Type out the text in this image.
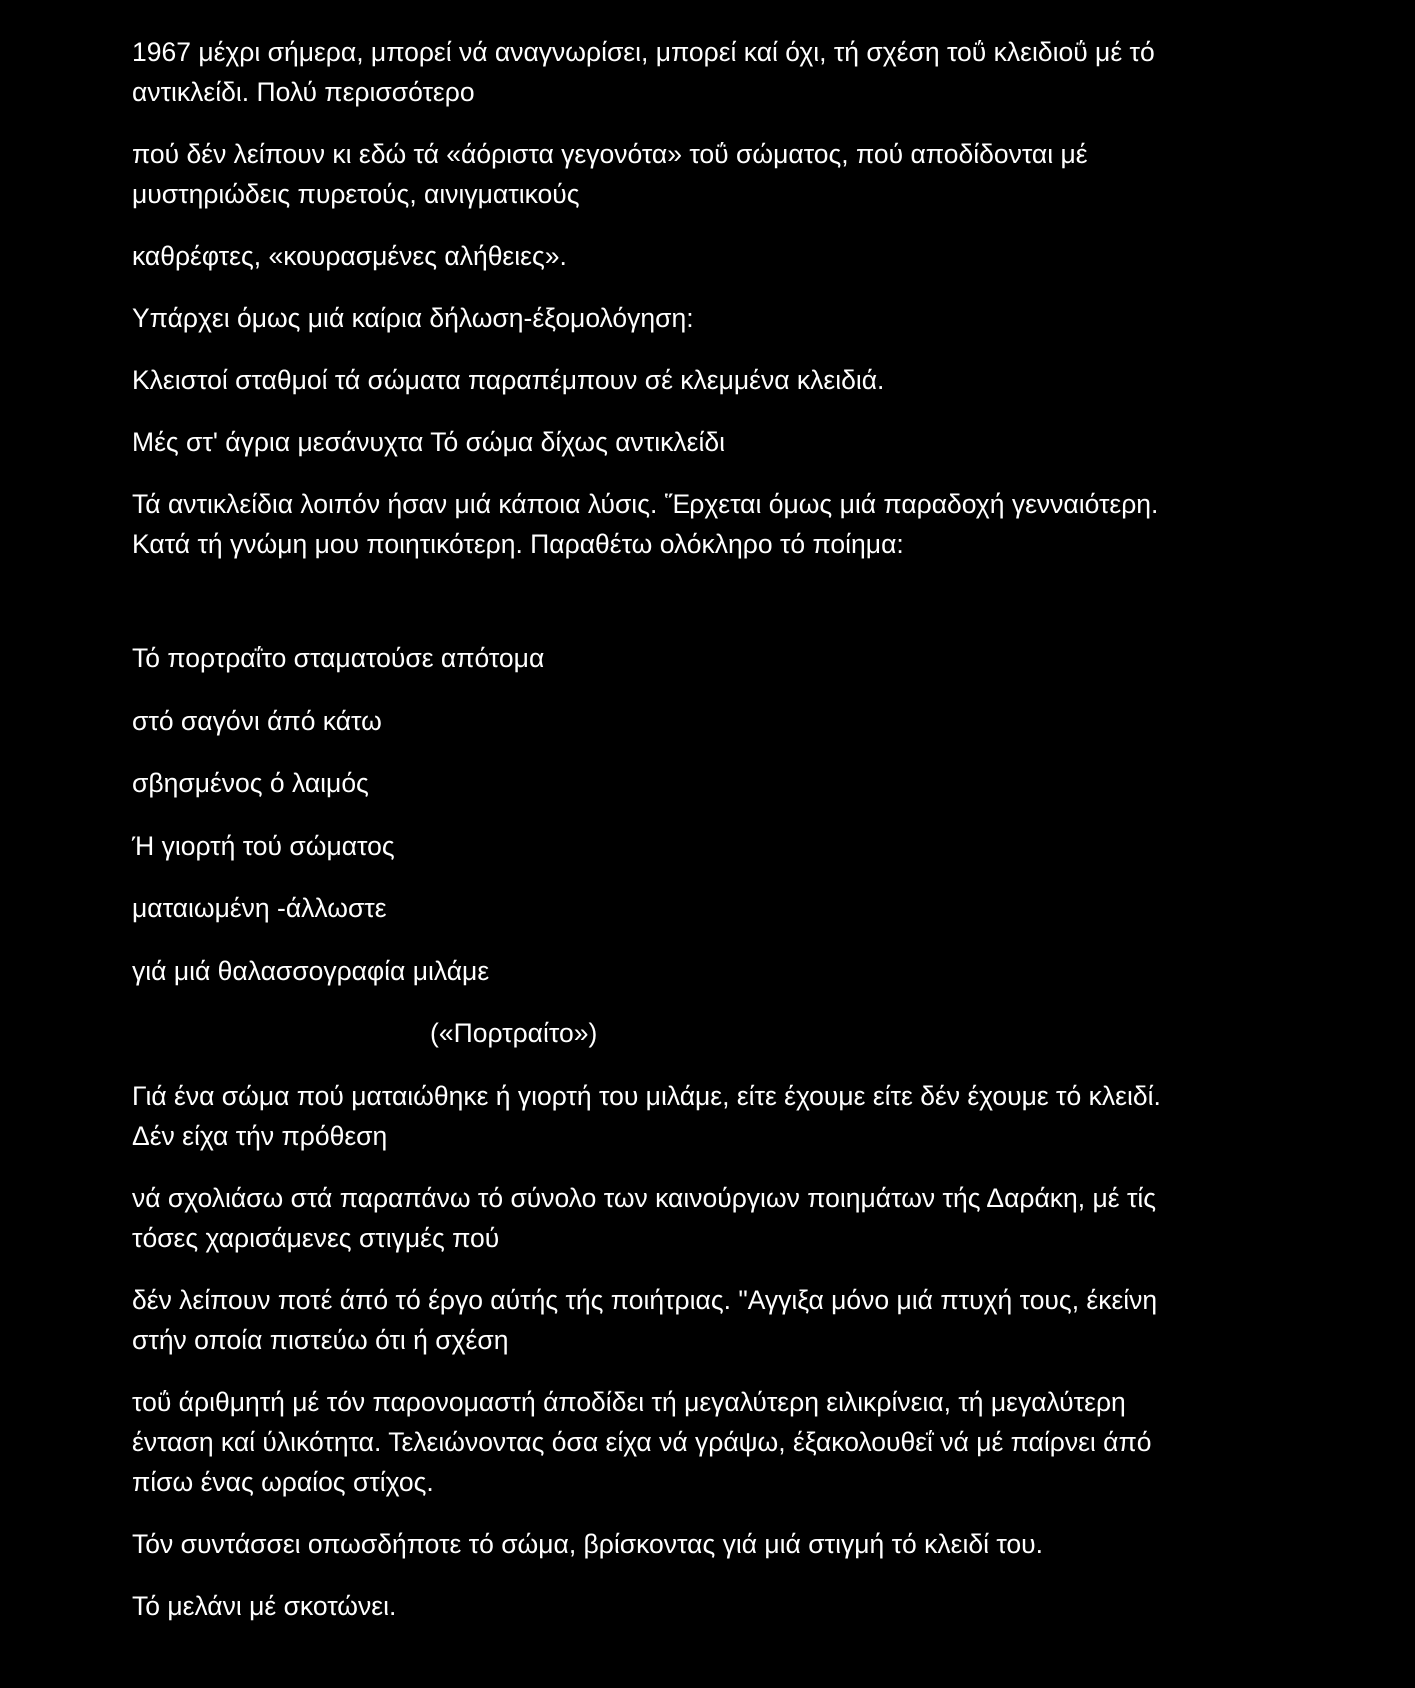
1967 μέχρι σήμερα, μπορεί νά αναγνωρίσει, μπορεί καί όχι, τή σχέση τοΰ κλειδιοΰ μέ τό
αντικλείδι. Πολύ περισσότερο

πού δέν λείπουν κι εδώ τά «άόριστα γεγονότα» τοΰ σώματος, πού αποδίδονται μέ
μυστηριώδεις πυρετούς, αινιγματικούς

καθρέφτες, «κουρασμένες αλήθειες».

Υπάρχει όμως μιά καίρια δήλωση-έξομολόγηση:

Κλειστοί σταθμοί τά σώματα παραπέμπουν σέ κλεμμένα κλειδιά.

Μές στ' άγρια μεσάνυχτα Τό σώμα δίχως αντικλείδι

Τά αντικλείδια λοιπόν ήσαν μιά κάποια λύσις. Ἕρχεται όμως μιά παραδοχή γενναιότερη.
Κατά τή γνώμη μου ποιητικότερη. Παραθέτω ολόκληρο τό ποίημα:

Τό πορτραΐτο σταματούσε απότομα
στό σαγόνι άπό κάτω
σβησμένος ό λαιμός
Ή γιορτή τού σώματος
ματαιωμένη -άλλωστε
γιά μιά θαλασσογραφία μιλάμε
(«Πορτραίτο»)

Γιά ένα σώμα πού ματαιώθηκε ή γιορτή του μιλάμε, είτε έχουμε είτε δέν έχουμε τό κλειδί.
Δέν είχα τήν πρόθεση

νά σχολιάσω στά παραπάνω τό σύνολο των καινούργιων ποιημάτων τής Δαράκη, μέ τίς
τόσες χαρισάμενες στιγμές πού

δέν λείπουν ποτέ άπό τό έργο αύτής τής ποιήτριας. "Αγγιξα μόνο μιά πτυχή τους, έκείνη
στήν οποία πιστεύω ότι ή σχέση

τοΰ άριθμητή μέ τόν παρονομαστή άποδίδει τή μεγαλύτερη ειλικρίνεια, τή μεγαλύτερη
ένταση καί ύλικότητα. Τελειώνοντας όσα είχα νά γράψω, έξακολουθεΐ νά μέ παίρνει άπό
πίσω ένας ωραίος στίχος.

Τόν συντάσσει οπωσδήποτε τό σώμα, βρίσκοντας γιά μιά στιγμή τό κλειδί του.

Τό μελάνι μέ σκοτώνει.
